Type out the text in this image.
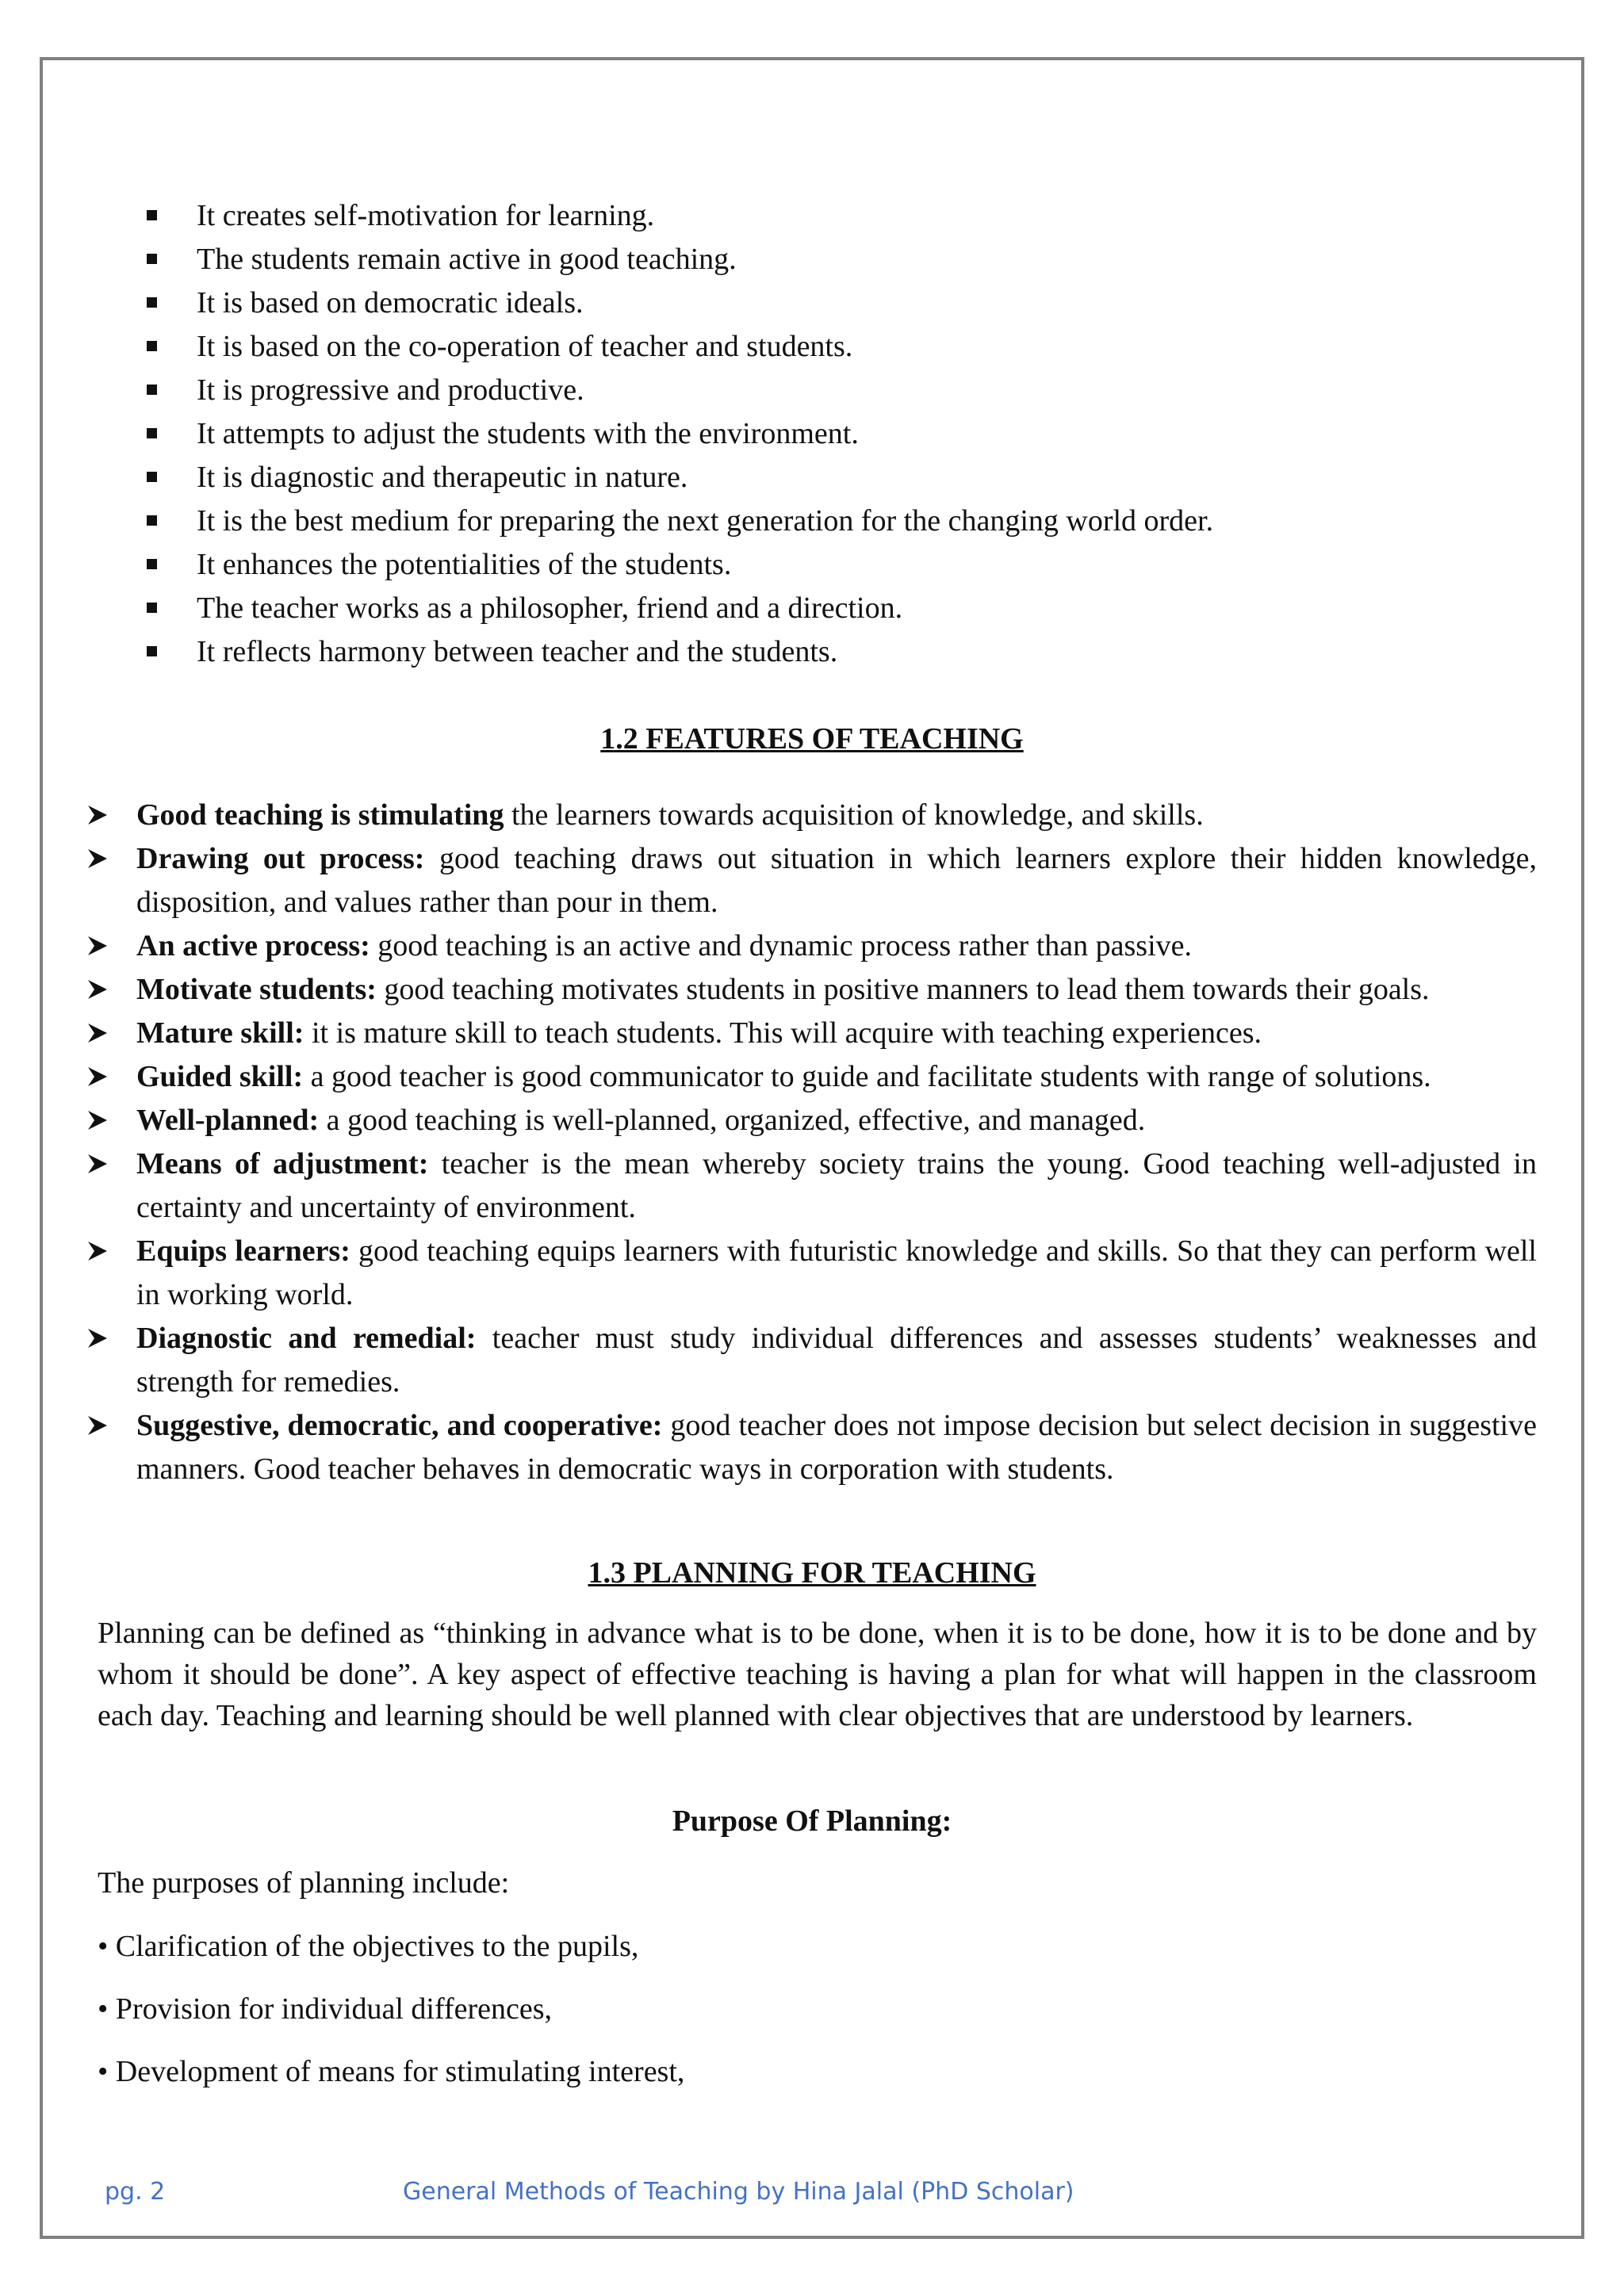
It creates self-motivation for learning.
The students remain active in good teaching.
It is based on democratic ideals.
It is based on the co-operation of teacher and students.
It is progressive and productive.
It attempts to adjust the students with the environment.
It is diagnostic and therapeutic in nature.
It is the best medium for preparing the next generation for the changing world order.
It enhances the potentialities of the students.
The teacher works as a philosopher, friend and a direction.
It reflects harmony between teacher and the students.
1.2 FEATURES OF TEACHING
Good teaching is stimulating the learners towards acquisition of knowledge, and skills.
Drawing out process: good teaching draws out situation in which learners explore their hidden knowledge, disposition, and values rather than pour in them.
An active process: good teaching is an active and dynamic process rather than passive.
Motivate students: good teaching motivates students in positive manners to lead them towards their goals.
Mature skill: it is mature skill to teach students. This will acquire with teaching experiences.
Guided skill: a good teacher is good communicator to guide and facilitate students with range of solutions.
Well-planned: a good teaching is well-planned, organized, effective, and managed.
Means of adjustment: teacher is the mean whereby society trains the young. Good teaching well-adjusted in certainty and uncertainty of environment.
Equips learners: good teaching equips learners with futuristic knowledge and skills. So that they can perform well in working world.
Diagnostic and remedial: teacher must study individual differences and assesses students’ weaknesses and strength for remedies.
Suggestive, democratic, and cooperative: good teacher does not impose decision but select decision in suggestive manners. Good teacher behaves in democratic ways in corporation with students.
1.3 PLANNING FOR TEACHING

Planning can be defined as “thinking in advance what is to be done, when it is to be done, how it is to be done and by whom it should be done”. A key aspect of effective teaching is having a plan for what will happen in the classroom each day. Teaching and learning should be well planned with clear objectives that are understood by learners.

Purpose Of Planning:
The purposes of planning include:
• Clarification of the objectives to the pupils,
• Provision for individual differences,
• Development of means for stimulating interest,
pg. 2	General Methods of Teaching by Hina Jalal (PhD Scholar)
